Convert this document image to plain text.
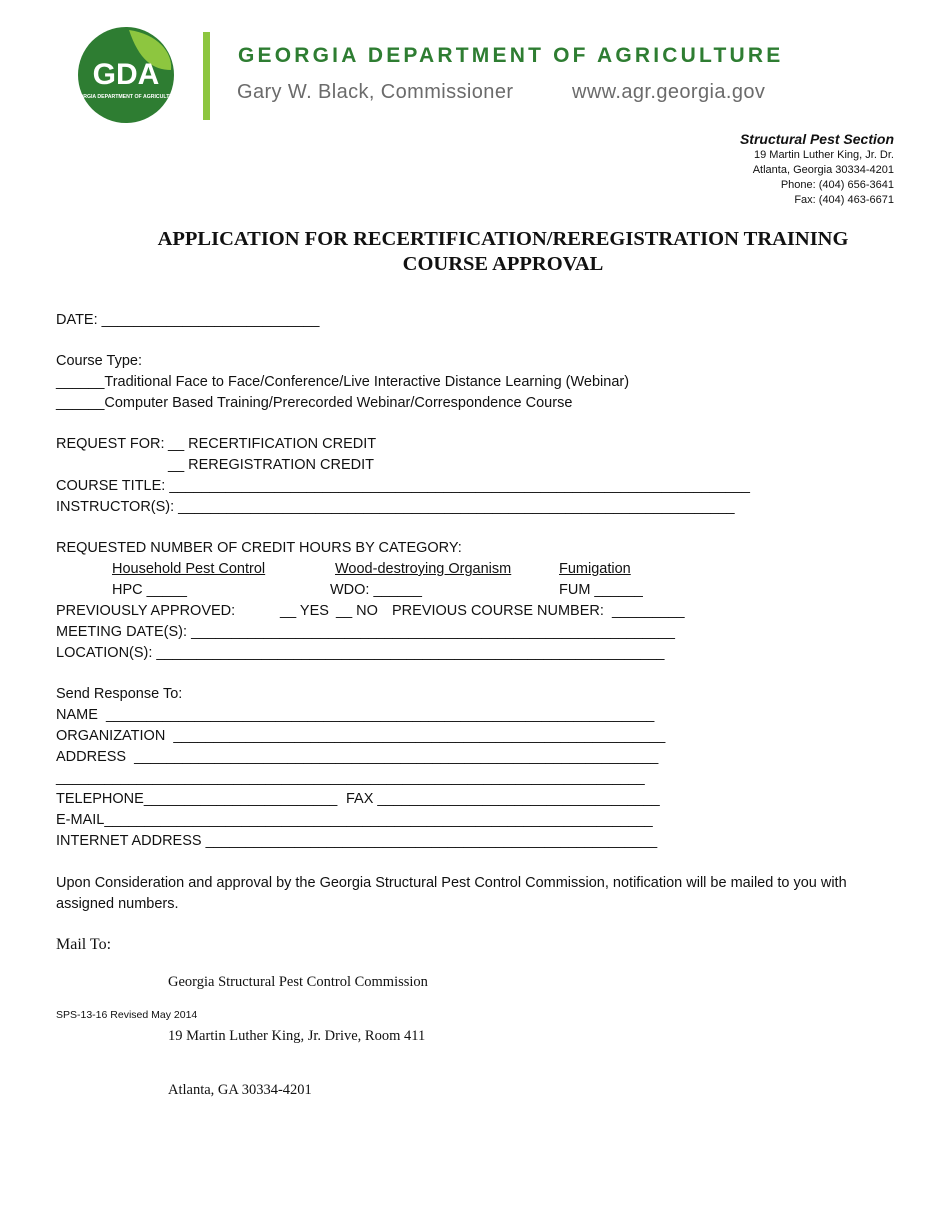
GDA
GEORGIA DEPARTMENT OF AGRICULTURE
GEORGIA DEPARTMENT OF AGRICULTURE
Gary W. Black, Commissioner	www.agr.georgia.gov
Structural Pest Section
19 Martin Luther King, Jr. Dr.
Atlanta, Georgia 30334-4201
Phone: (404) 656-3641
Fax: (404) 463-6671
APPLICATION FOR RECERTIFICATION/REREGISTRATION TRAINING
COURSE APPROVAL
DATE: ___________________________
Course Type:
______Traditional Face to Face/Conference/Live Interactive Distance Learning (Webinar)
______Computer Based Training/Prerecorded Webinar/Correspondence Course
REQUEST FOR: __ RECERTIFICATION CREDIT
__ REREGISTRATION CREDIT
COURSE TITLE: ________________________________________________________________________
INSTRUCTOR(S): _____________________________________________________________________
REQUESTED NUMBER OF CREDIT HOURS BY CATEGORY:
Household Pest Control	Wood-destroying Organism	Fumigation
HPC _____	WDO: ______	FUM ______
PREVIOUSLY APPROVED:	__ YES __ NO PREVIOUS COURSE NUMBER:  _________
MEETING DATE(S): ____________________________________________________________
LOCATION(S): _______________________________________________________________
Send Response To:
NAME  ____________________________________________________________________
ORGANIZATION  _____________________________________________________________
ADDRESS  _________________________________________________________________
_________________________________________________________________________
TELEPHONE________________________ FAX ___________________________________
E-MAIL____________________________________________________________________
INTERNET ADDRESS ________________________________________________________
Upon Consideration and approval by the Georgia Structural Pest Control Commission, notification will be mailed to you with assigned numbers.
Mail To:

Georgia Structural Pest Control Commission

19 Martin Luther King, Jr. Drive, Room 411

Atlanta, GA 30334-4201

SPS-13-16 Revised May 2014
